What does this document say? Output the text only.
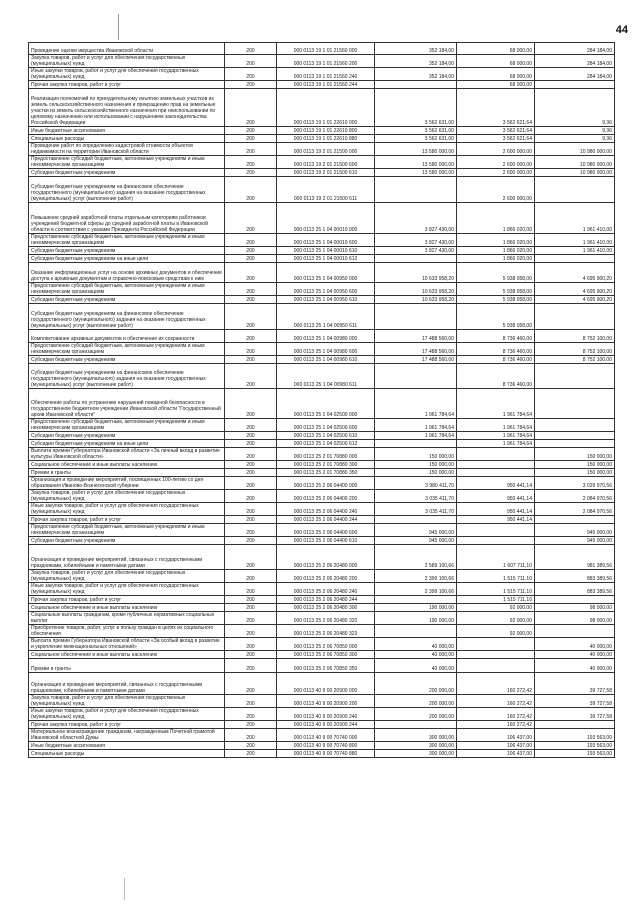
44
Проведение оценки имущества Ивановской области	200	000 0113 19 1 01 21560 000	352 184,00	68 000,00	284 184,00
Закупка товаров, работ и услуг для обеспечения государственных (муниципальных) нужд	200	000 0113 19 1 01 21560 200	352 184,00	68 000,00	284 184,00
Иные закупки товаров, работ и услуг для обеспечения государственных (муниципальных) нужд	200	000 0113 19 1 01 21560 240	352 184,00	68 000,00	284 184,00
Прочая закупка товаров, работ и услуг	200	000 0113 19 1 01 21560 244		68 000,00	
Реализация полномочий по принудительному изъятию земельных участков из земель сельскохозяйственного назначения и прекращению прав на земельные участки из земель сельскохозяйственного назначения при неиспользовании по целевому назначению или использовании с нарушением законодательства Российской Федерации	200	000 0113 19 1 01 22610 000	3 562 631,00	3 562 621,64	9,36
Иные бюджетные ассигнования	200	000 0113 19 1 01 22610 800	3 562 631,00	3 562 621,64	9,36
Специальные расходы	200	000 0113 19 1 01 22610 880	3 562 631,00	3 562 621,64	9,36
Проведение работ по определению кадастровой стоимости объектов недвижимости на территории Ивановской области	200	000 0113 19 2 01 21500 000	13 580 000,00	2 600 000,00	10 980 000,00
Предоставление субсидий бюджетным, автономным учреждениям и иным некоммерческим организациям	200	000 0113 19 2 01 21500 600	13 580 000,00	2 600 000,00	10 980 000,00
Субсидии бюджетным учреждениям	200	000 0113 19 2 01 21500 610	13 580 000,00	2 600 000,00	10 980 000,00
Субсидии бюджетным учреждениям на финансовое обеспечение государственного (муниципального) задания на оказание государственных (муниципальных) услуг (выполнение работ)	200	000 0113 19 2 01 21500 611		2 600 000,00	
Повышение средней заработной платы отдельным категориям работников учреждений бюджетной сферы до средней заработной платы в Ивановской области в соответствии с указами Президента Российской Федерации	200	000 0113 25 1 04 00010 000	3 827 430,00	1 866 020,00	1 961 410,00
Предоставление субсидий бюджетным, автономным учреждениям и иным некоммерческим организациям	200	000 0113 25 1 04 00010 600	3 827 430,00	1 866 020,00	1 961 410,00
Субсидии бюджетным учреждениям	200	000 0113 25 1 04 00010 610	3 827 430,00	1 866 020,00	1 961 410,00
Субсидии бюджетным учреждениям на иные цели	200	000 0113 25 1 04 00010 612		1 866 020,00	
Оказание информационных услуг на основе архивных документов и обеспечение доступа к архивным документам и справочно-поисковым средствам к ним	200	000 0113 25 1 04 00950 000	10 633 958,20	5 938 058,00	4 695 900,20
Предоставление субсидий бюджетным, автономным учреждениям и иным некоммерческим организациям	200	000 0113 25 1 04 00950 600	10 633 958,20	5 938 058,00	4 695 900,20
Субсидии бюджетным учреждениям	200	000 0113 25 1 04 00950 610	10 633 958,20	5 938 058,00	4 695 900,20
Субсидии бюджетным учреждениям на финансовое обеспечение государственного (муниципального) задания на оказание государственных (муниципальных) услуг (выполнение работ)	200	000 0113 25 1 04 00950 611		5 938 058,00	
Комплектование архивных документов и обеспечение их сохранности	200	000 0113 25 1 04 00980 000	17 488 560,00	8 736 460,00	8 752 100,00
Предоставление субсидий бюджетным, автономным учреждениям и иным некоммерческим организациям	200	000 0113 25 1 04 00980 600	17 488 560,00	8 736 460,00	8 752 100,00
Субсидии бюджетным учреждениям	200	000 0113 25 1 04 00980 610	17 488 560,00	8 736 460,00	8 752 100,00
Субсидии бюджетным учреждениям на финансовое обеспечение государственного (муниципального) задания на оказание государственных (муниципальных) услуг (выполнение работ)	200	000 0113 25 1 04 00980 611		8 736 460,00	
Обеспечение работы по устранению нарушений пожарной безопасности в государственном бюджетном учреждении Ивановской области "Государственный архив Ивановской области"	200	000 0113 25 1 04 02500 000	1 961 784,64	1 961 784,64	
Предоставление субсидий бюджетным, автономным учреждениям и иным некоммерческим организациям	200	000 0113 25 1 04 02500 600	1 961 784,64	1 961 784,64	
Субсидии бюджетным учреждениям	200	000 0113 25 1 04 02500 610	1 961 784,64	1 961 784,64	
Субсидии бюджетным учреждениям на иные цели	200	000 0113 25 1 04 02500 612		1 961 784,64	
Выплата премии Губернатора Ивановской области «За личный вклад в развитие культуры Ивановской области»	200	000 0113 25 2 01 70880 000	150 000,00		150 000,00
Социальное обеспечение и иные выплаты населению	200	000 0113 25 2 01 70880 300	150 000,00		150 000,00
Премии и гранты	200	000 0113 25 2 01 70880 350	150 000,00		150 000,00
Организация и проведение мероприятий, посвященных 100-летию со дня образования Иваново-Вознесенской губернии	200	000 0113 25 2 06 04400 000	3 980 411,70	950 441,14	3 029 970,56
Закупка товаров, работ и услуг для обеспечения государственных (муниципальных) нужд	200	000 0113 25 2 06 04400 200	3 035 411,70	950 441,14	2 084 970,56
Иные закупки товаров, работ и услуг для обеспечения государственных (муниципальных) нужд	200	000 0113 25 2 06 04400 240	3 035 411,70	950 441,14	2 084 970,56
Прочая закупка товаров, работ и услуг	200	000 0113 25 2 06 04400 244		950 441,14	
Предоставление субсидий бюджетным, автономным учреждениям и иным некоммерческим организациям	200	000 0113 25 2 06 04400 600	945 000,00		945 000,00
Субсидии бюджетным учреждениям	200	000 0113 25 2 06 04400 610	945 000,00		945 000,00
Организация и проведение мероприятий, связанных с государственными праздниками, юбилейными и памятными датами	200	000 0113 25 2 06 20480 000	2 589 100,66	1 607 711,10	981 389,56
Закупка товаров, работ и услуг для обеспечения государственных (муниципальных) нужд	200	000 0113 25 2 06 20480 200	2 399 100,66	1 515 711,10	883 389,56
Иные закупки товаров, работ и услуг для обеспечения государственных (муниципальных) нужд	200	000 0113 25 2 06 20480 240	2 399 100,66	1 515 711,10	883 389,56
Прочая закупка товаров, работ и услуг	200	000 0113 25 2 06 20480 244		1 515 711,10	
Социальное обеспечение и иные выплаты населению	200	000 0113 25 2 06 20480 300	190 000,00	92 000,00	98 000,00
Социальные выплаты гражданам, кроме публичных нормативных социальных выплат	200	000 0113 25 2 06 20480 320	190 000,00	92 000,00	98 000,00
Приобретение товаров, работ, услуг в пользу граждан в целях их социального обеспечения	200	000 0113 25 2 06 20480 323		92 000,00	
Выплата премии Губернатора Ивановской области «За особый вклад в развитие и укрепление межнациональных отношений»	200	000 0113 25 2 06 70850 000	40 000,00		40 000,00
Социальное обеспечение и иные выплаты населению	200	000 0113 25 2 06 70850 300	40 000,00		40 000,00
Премии и гранты	200	000 0113 25 2 06 70850 350	40 000,00		40 000,00
Организация и проведение мероприятий, связанных с государственными праздниками, юбилейными и памятными датами	200	000 0113 40 9 00 20900 000	200 000,00	160 272,42	39 727,58
Закупка товаров, работ и услуг для обеспечения государственных (муниципальных) нужд	200	000 0113 40 9 00 20900 200	200 000,00	160 272,42	39 727,58
Иные закупки товаров, работ и услуг для обеспечения государственных (муниципальных) нужд	200	000 0113 40 9 00 20900 240	200 000,00	160 272,42	39 727,58
Прочая закупка товаров, работ и услуг	200	000 0113 40 9 00 20900 244		160 272,42	
Материальное вознаграждение гражданам, награжденным Почетной грамотой Ивановской областной Думы	200	000 0113 40 9 00 70740 000	300 000,00	106 437,00	193 563,00
Иные бюджетные ассигнования	200	000 0113 40 9 00 70740 800	300 000,00	106 437,00	193 563,00
Специальные расходы	200	000 0113 40 9 00 70740 880	300 000,00	106 437,00	193 563,00
